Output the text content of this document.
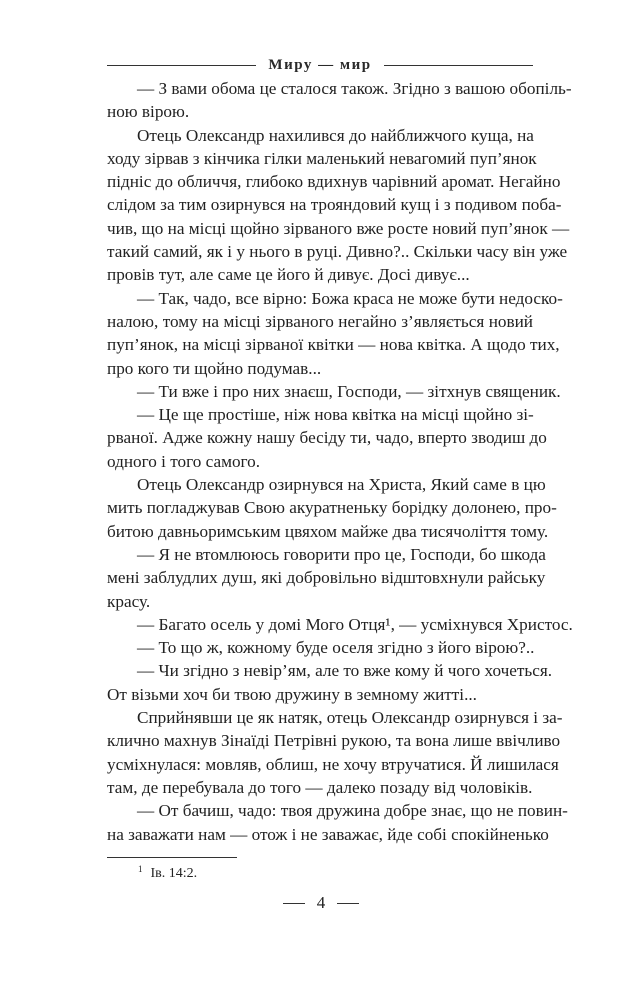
Миру — мир
— З вами обома це сталося також. Згідно з вашою обопіль-
ною вірою.
Отець Олександр нахилився до найближчого куща, на
ходу зірвав з кінчика гілки маленький невагомий пуп’янок
підніс до обличчя, глибоко вдихнув чарівний аромат. Негайно
слідом за тим озирнувся на трояндовий кущ і з подивом поба-
чив, що на місці щойно зірваного вже росте новий пуп’янок —
такий самий, як і у нього в руці. Дивно?.. Скільки часу він уже
провів тут, але саме це його й дивує. Досі дивує...
— Так, чадо, все вірно: Божа краса не може бути недоско-
налою, тому на місці зірваного негайно з’являється новий
пуп’янок, на місці зірваної квітки — нова квітка. А щодо тих,
про кого ти щойно подумав...
— Ти вже і про них знаєш, Господи, — зітхнув священик.
— Це ще простіше, ніж нова квітка на місці щойно зі-
рваної. Адже кожну нашу бесіду ти, чадо, вперто зводиш до
одного і того самого.
Отець Олександр озирнувся на Христа, Який саме в цю
мить погладжував Свою акуратненьку борідку долонею, про-
битою давньоримським цвяхом майже два тисячоліття тому.
— Я не втомлююсь говорити про це, Господи, бо шкода
мені заблудлих душ, які добровільно відштовхнули райську
красу.
— Багато осель у домі Мого Отця¹, — усміхнувся Христос.
— То що ж, кожному буде оселя згідно з його вірою?..
— Чи згідно з невір’ям, але то вже кому й чого хочеться.
От візьми хоч би твою дружину в земному житті...
Сприйнявши це як натяк, отець Олександр озирнувся і за-
клично махнув Зінаїді Петрівні рукою, та вона лише ввічливо
усміхнулася: мовляв, облиш, не хочу втручатися. Й лишилася
там, де перебувала до того — далеко позаду від чоловіків.
— От бачиш, чадо: твоя дружина добре знає, що не повин-
на заважати нам — отож і не заважає, йде собі спокійненько
$^1$ Ів. 14:2.
4
